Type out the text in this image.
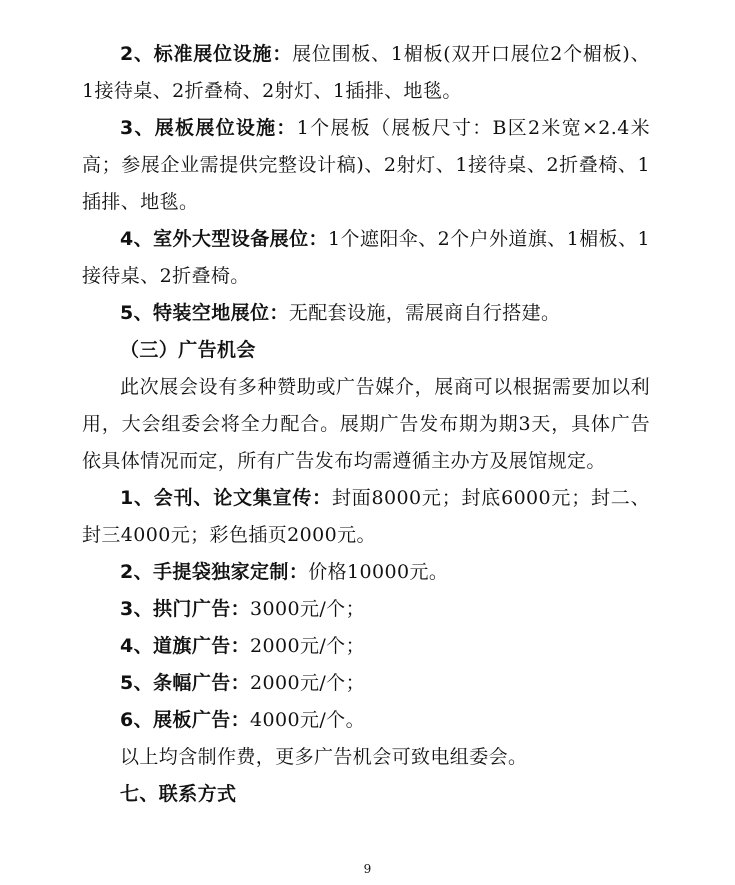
2、标准展位设施：展位围板、1楣板(双开口展位2个楣板)、1接待桌、2折叠椅、2射灯、1插排、地毯。

3、展板展位设施：1个展板（展板尺寸：B区2米宽×2.4米高；参展企业需提供完整设计稿)、2射灯、1接待桌、2折叠椅、1插排、地毯。

4、室外大型设备展位：1个遮阳伞、2个户外道旗、1楣板、1接待桌、2折叠椅。

5、特装空地展位：无配套设施，需展商自行搭建。

（三）广告机会

此次展会设有多种赞助或广告媒介，展商可以根据需要加以利用，大会组委会将全力配合。展期广告发布期为期3天，具体广告依具体情况而定，所有广告发布均需遵循主办方及展馆规定。

1、会刊、论文集宣传：封面8000元；封底6000元；封二、封三4000元；彩色插页2000元。

2、手提袋独家定制：价格10000元。

3、拱门广告：3000元/个；

4、道旗广告：2000元/个；

5、条幅广告：2000元/个；

6、展板广告：4000元/个。

以上均含制作费，更多广告机会可致电组委会。

七、联系方式

9
